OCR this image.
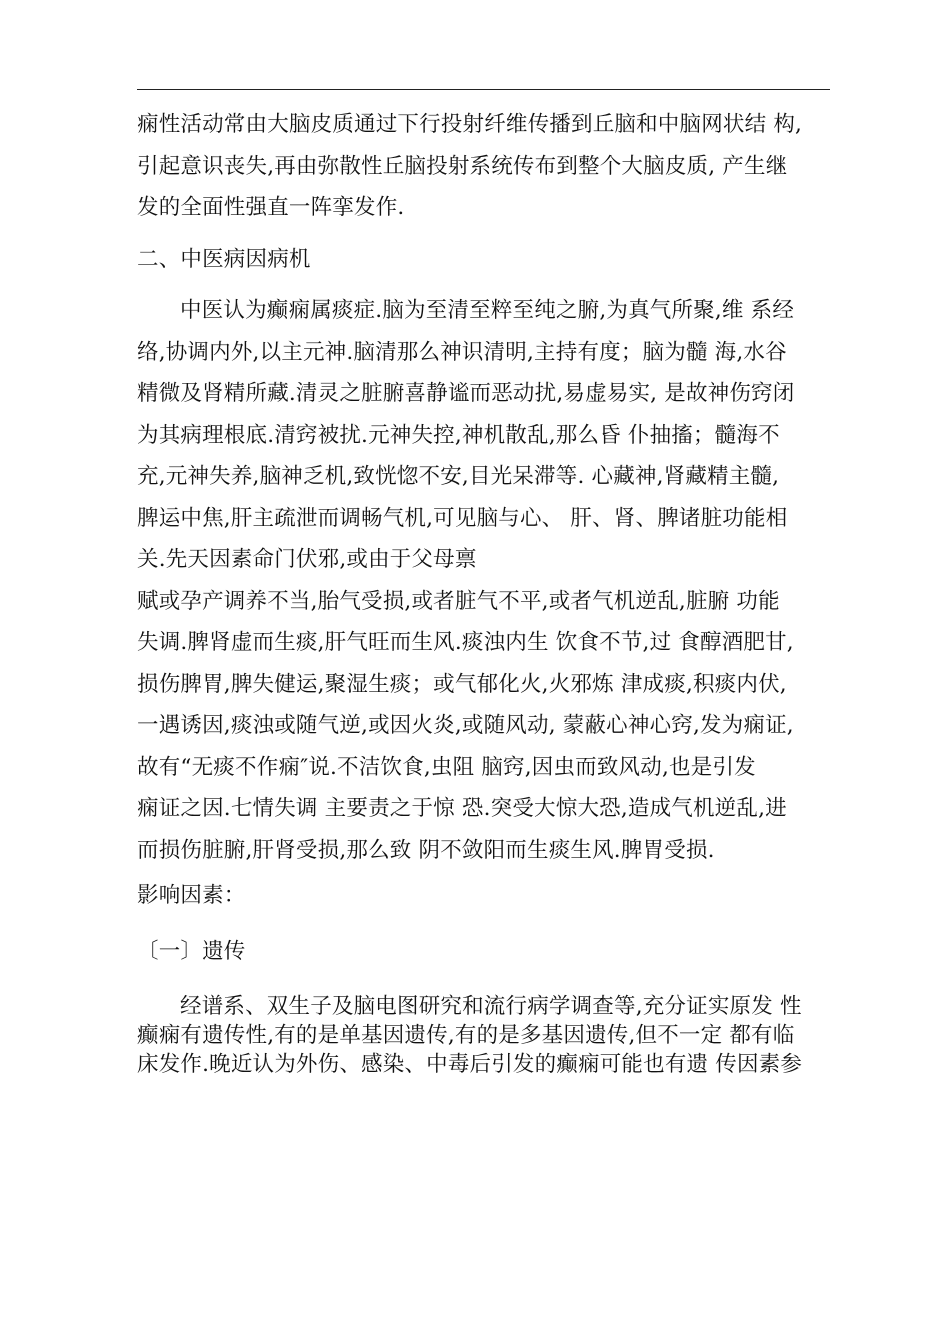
痫性活动常由大脑皮质通过下行投射纤维传播到丘脑和中脑网状结 构,
引起意识丧失,再由弥散性丘脑投射系统传布到整个大脑皮质, 产生继
发的全面性强直一阵挛发作.
二、中医病因病机
中医认为癫痫属痰症.脑为至清至粹至纯之腑,为真气所聚,维 系经
络,协调内外,以主元神.脑清那么神识清明,主持有度；脑为髓 海,水谷
精微及肾精所藏.清灵之脏腑喜静谧而恶动扰,易虚易实, 是故神伤窍闭
为其病理根底.清窍被扰.元神失控,神机散乱,那么昏 仆抽搐；髓海不
充,元神失养,脑神乏机,致恍惚不安,目光呆滞等. 心藏神,肾藏精主髓,
脾运中焦,肝主疏泄而调畅气机,可见脑与心、 肝、肾、脾诸脏功能相
关.先天因素命门伏邪,或由于父母禀
赋或孕产调养不当,胎气受损,或者脏气不平,或者气机逆乱,脏腑 功能
失调.脾肾虚而生痰,肝气旺而生风.痰浊内生 饮食不节,过 食醇酒肥甘,
损伤脾胃,脾失健运,聚湿生痰；或气郁化火,火邪炼 津成痰,积痰内伏,
一遇诱因,痰浊或随气逆,或因火炎,或随风动, 蒙蔽心神心窍,发为痫证,
故有“无痰不作痫″说.不洁饮食,虫阻 脑窍,因虫而致风动,也是引发
痫证之因.七情失调 主要责之于惊 恐.突受大惊大恐,造成气机逆乱,进
而损伤脏腑,肝肾受损,那么致 阴不敛阳而生痰生风.脾胃受损.
影响因素：
〔一〕遗传
经谱系、双生子及脑电图研究和流行病学调查等,充分证实原发 性
癫痫有遗传性,有的是单基因遗传,有的是多基因遗传,但不一定 都有临
床发作.晚近认为外伤、感染、中毒后引发的癫痫可能也有遗 传因素参
